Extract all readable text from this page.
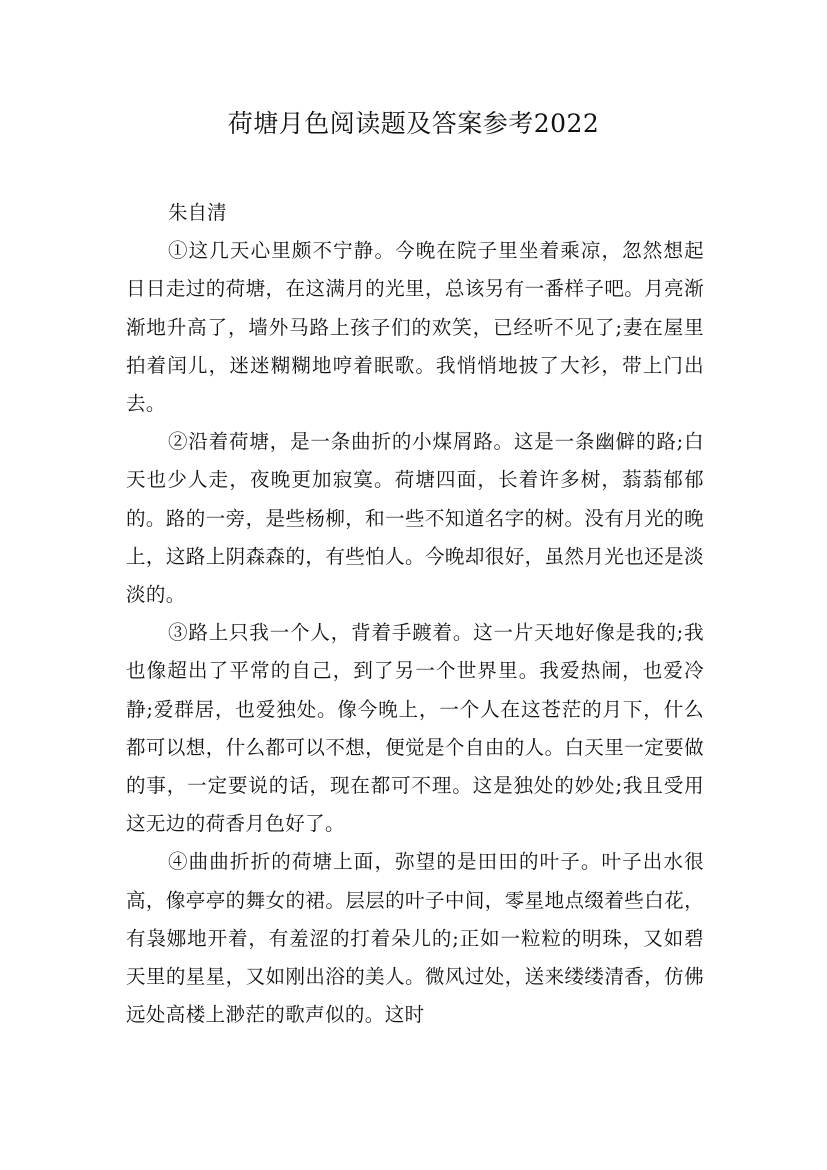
荷塘月色阅读题及答案参考2022

朱自清

①这几天心里颇不宁静。今晚在院子里坐着乘凉，忽然想起日日走过的荷塘，在这满月的光里，总该另有一番样子吧。月亮渐渐地升高了，墙外马路上孩子们的欢笑，已经听不见了;妻在屋里拍着闰儿，迷迷糊糊地哼着眠歌。我悄悄地披了大衫，带上门出去。

②沿着荷塘，是一条曲折的小煤屑路。这是一条幽僻的路;白天也少人走，夜晚更加寂寞。荷塘四面，长着许多树，蓊蓊郁郁的。路的一旁，是些杨柳，和一些不知道名字的树。没有月光的晚上，这路上阴森森的，有些怕人。今晚却很好，虽然月光也还是淡淡的。

③路上只我一个人，背着手踱着。这一片天地好像是我的;我也像超出了平常的自己，到了另一个世界里。我爱热闹，也爱冷静;爱群居，也爱独处。像今晚上，一个人在这苍茫的月下，什么都可以想，什么都可以不想，便觉是个自由的人。白天里一定要做的事，一定要说的话，现在都可不理。这是独处的妙处;我且受用这无边的荷香月色好了。

④曲曲折折的荷塘上面，弥望的是田田的叶子。叶子出水很高，像亭亭的舞女的裙。层层的叶子中间，零星地点缀着些白花，有袅娜地开着，有羞涩的打着朵儿的;正如一粒粒的明珠，又如碧天里的星星，又如刚出浴的美人。微风过处，送来缕缕清香，仿佛远处高楼上渺茫的歌声似的。这时
